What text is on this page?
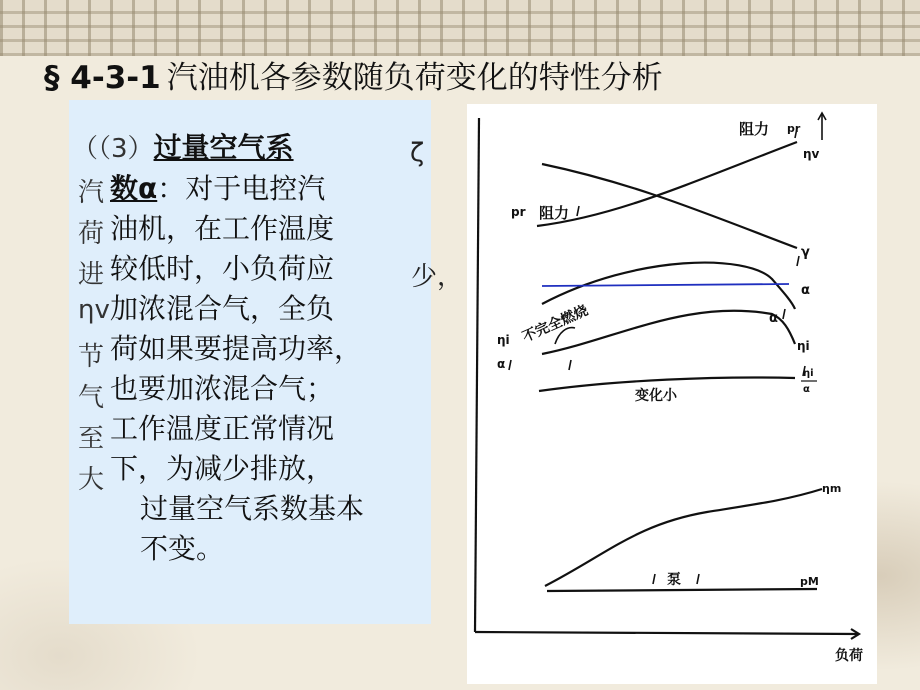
§ 4-3-1 汽油机各参数随负荷变化的特性分析
汽
荷
进
ηv
节
气
至
大
（（3）过量空气系
数α：对于电控汽
油机，在工作温度
较低时，小负荷应
加浓混合气，全负
荷如果要提高功率，
也要加浓混合气；
工作温度正常情况
下，为减少排放，
过量空气系数基本
不变。
ζ
少，
阻力 pr
ηv
pr 阻力
γ
α
α
不完全燃烧
ηi
α
ηi
ηi
α
变化小
ηm
泵	pM
负荷
